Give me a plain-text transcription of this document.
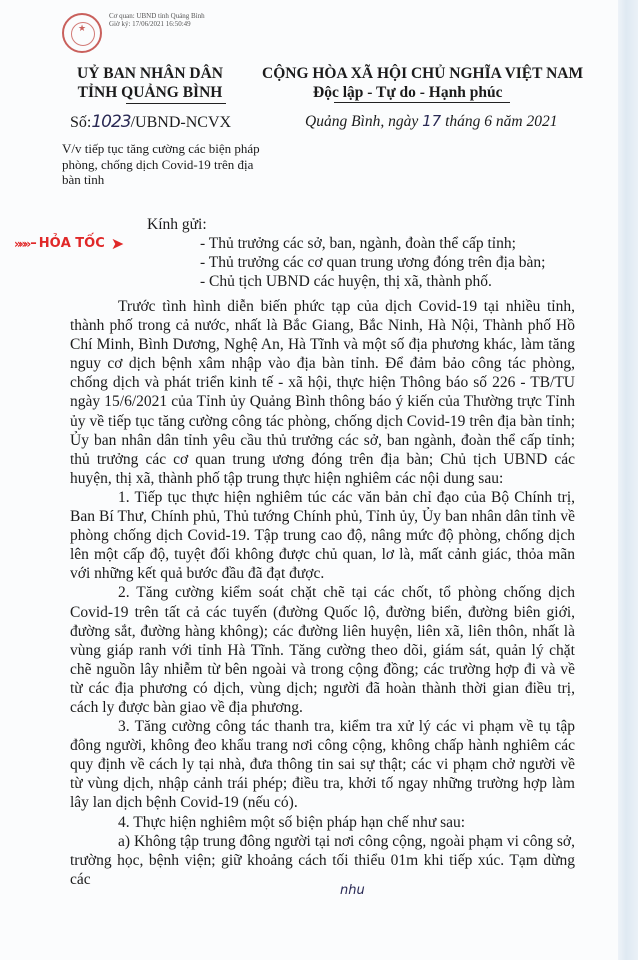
★
Cơ quan: UBND tỉnh Quảng Bình
Giờ ký: 17/06/2021 16:50:49
UỶ BAN NHÂN DÂN
TỈNH QUẢNG BÌNH
Số:1023/UBND-NCVX
V/v tiếp tục tăng cường các biện pháp phòng, chống dịch Covid-19 trên địa bàn tỉnh
CỘNG HÒA XÃ HỘI CHỦ NGHĨA VIỆT NAM
Độc lập - Tự do - Hạnh phúc
Quảng Bình, ngày 17 tháng 6 năm 2021
»»» – HỎA TỐC ➤
Kính gửi:
- Thủ trưởng các sở, ban, ngành, đoàn thể cấp tỉnh;
- Thủ trưởng các cơ quan trung ương đóng trên địa bàn;
- Chủ tịch UBND các huyện, thị xã, thành phố.

Trước tình hình diễn biến phức tạp của dịch Covid-19 tại nhiều tỉnh, thành phố trong cả nước, nhất là Bắc Giang, Bắc Ninh, Hà Nội, Thành phố Hồ Chí Minh, Bình Dương, Nghệ An, Hà Tĩnh và một số địa phương khác, làm tăng nguy cơ dịch bệnh xâm nhập vào địa bàn tỉnh. Để đảm bảo công tác phòng, chống dịch và phát triển kinh tế - xã hội, thực hiện Thông báo số 226 - TB/TU ngày 15/6/2021 của Tỉnh ủy Quảng Bình thông báo ý kiến của Thường trực Tỉnh ủy về tiếp tục tăng cường công tác phòng, chống dịch Covid-19 trên địa bàn tỉnh; Ủy ban nhân dân tỉnh yêu cầu thủ trưởng các sở, ban ngành, đoàn thể cấp tỉnh; thủ trưởng các cơ quan trung ương đóng trên địa bàn; Chủ tịch UBND các huyện, thị xã, thành phố tập trung thực hiện nghiêm các nội dung sau:

1. Tiếp tục thực hiện nghiêm túc các văn bản chỉ đạo của Bộ Chính trị, Ban Bí Thư, Chính phủ, Thủ tướng Chính phủ, Tỉnh ủy, Ủy ban nhân dân tỉnh về phòng chống dịch Covid-19. Tập trung cao độ, nâng mức độ phòng, chống dịch lên một cấp độ, tuyệt đối không được chủ quan, lơ là, mất cảnh giác, thỏa mãn với những kết quả bước đầu đã đạt được.

2. Tăng cường kiểm soát chặt chẽ tại các chốt, tổ phòng chống dịch Covid-19 trên tất cả các tuyến (đường Quốc lộ, đường biển, đường biên giới, đường sắt, đường hàng không); các đường liên huyện, liên xã, liên thôn, nhất là vùng giáp ranh với tỉnh Hà Tĩnh. Tăng cường theo dõi, giám sát, quản lý chặt chẽ nguồn lây nhiễm từ bên ngoài và trong cộng đồng; các trường hợp đi và về từ các địa phương có dịch, vùng dịch; người đã hoàn thành thời gian điều trị, cách ly được bàn giao về địa phương.

3. Tăng cường công tác thanh tra, kiểm tra xử lý các vi phạm về tụ tập đông người, không đeo khẩu trang nơi công cộng, không chấp hành nghiêm các quy định về cách ly tại nhà, đưa thông tin sai sự thật; các vi phạm chở người về từ vùng dịch, nhập cảnh trái phép; điều tra, khởi tố ngay những trường hợp làm lây lan dịch bệnh Covid-19 (nếu có).

4. Thực hiện nghiêm một số biện pháp hạn chế như sau:

a) Không tập trung đông người tại nơi công cộng, ngoài phạm vi công sở, trường học, bệnh viện; giữ khoảng cách tối thiểu 01m khi tiếp xúc. Tạm dừng các

nhu
